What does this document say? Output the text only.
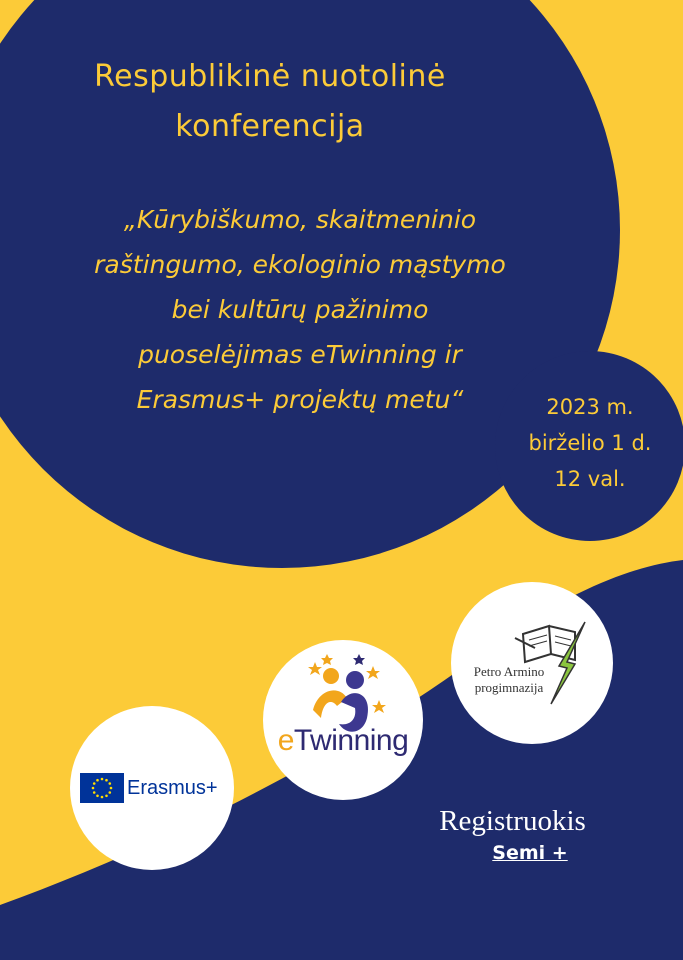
Respublikinė nuotolinė
konferencija
„Kūrybiškumo, skaitmeninio
raštingumo, ekologinio mąstymo
bei kultūrų pažinimo
puoselėjimas eTwinning ir
Erasmus+ projektų metu“	2023 m.
birželio 1 d.
12 val.
Petro Armino
progimnazija
eTwinning
Erasmus+
Registruokis
Semi +
